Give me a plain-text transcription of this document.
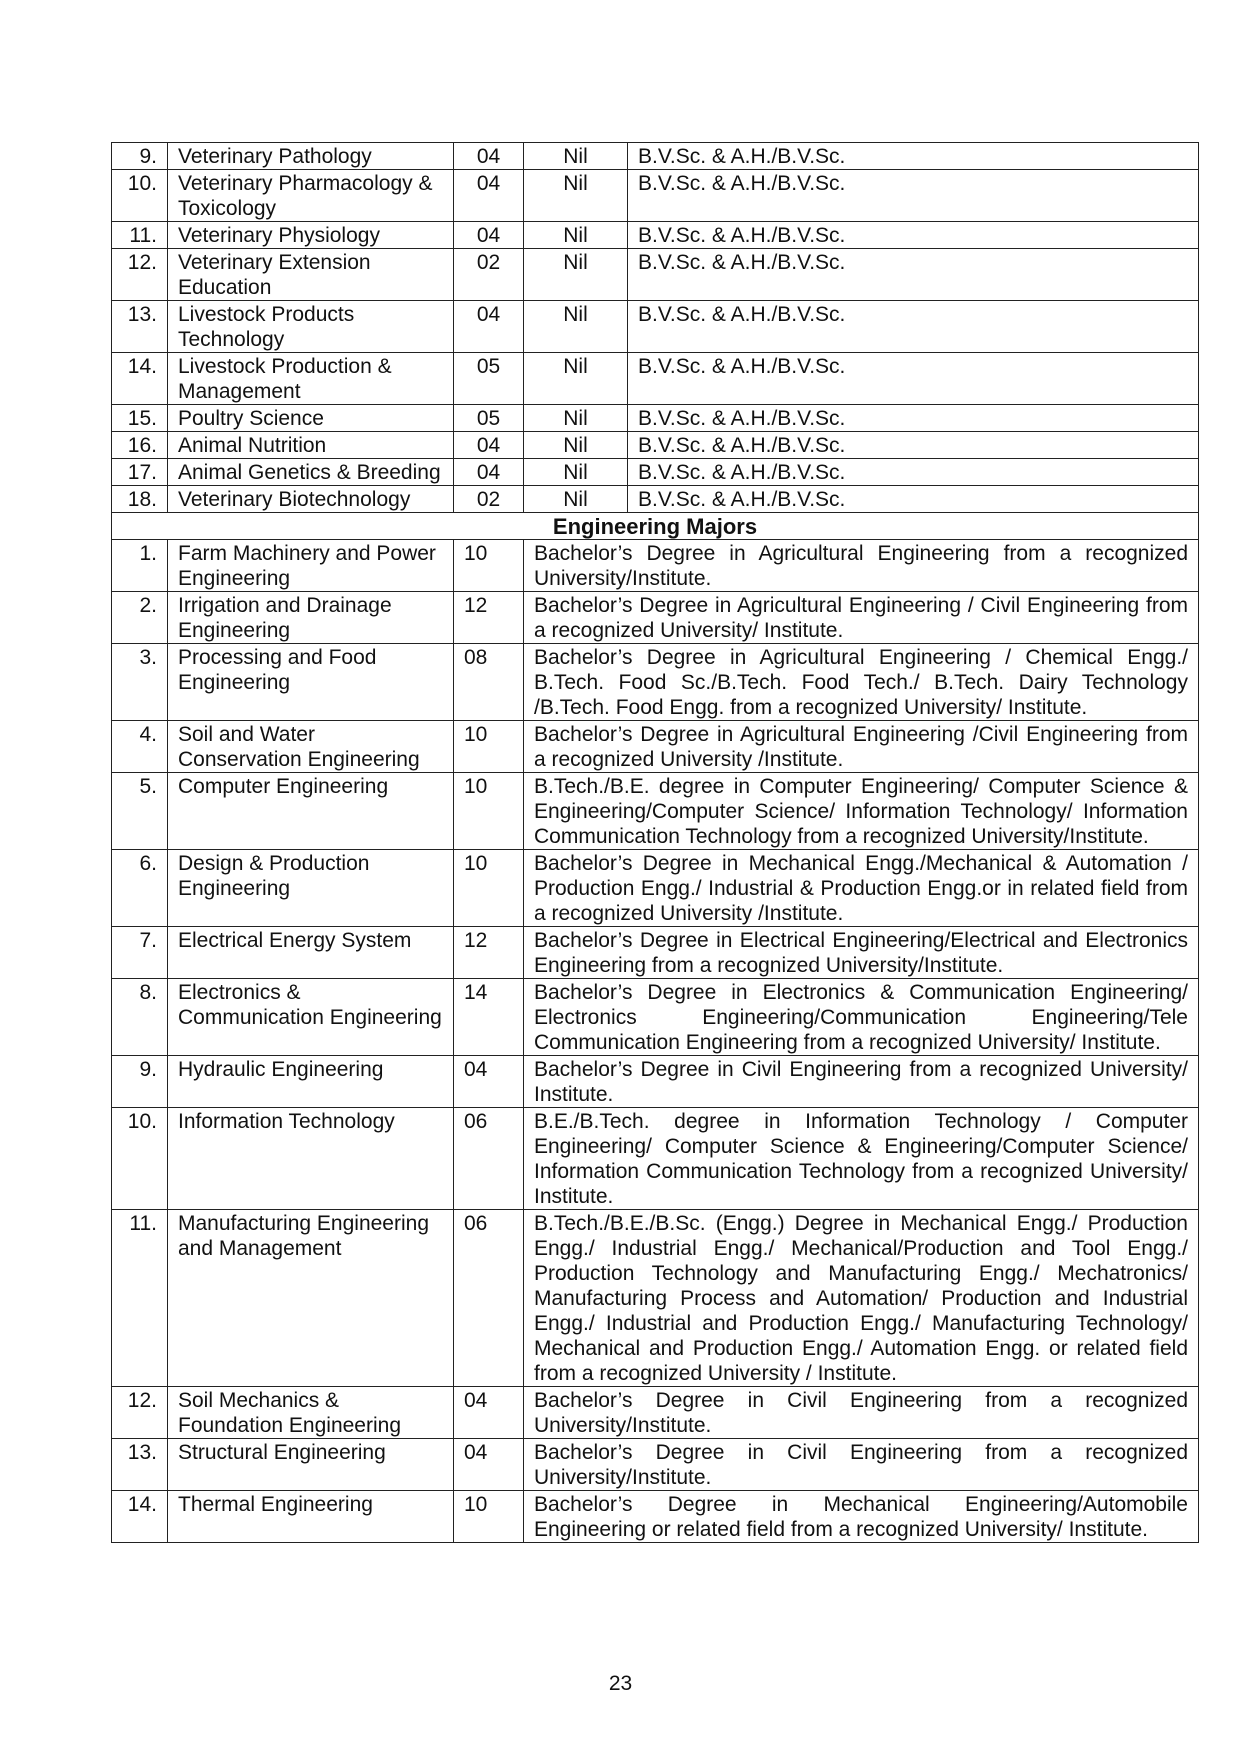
9.	Veterinary Pathology	04	Nil	B.V.Sc. & A.H./B.V.Sc.
10.	Veterinary Pharmacology & Toxicology	04	Nil	B.V.Sc. & A.H./B.V.Sc.
11.	Veterinary Physiology	04	Nil	B.V.Sc. & A.H./B.V.Sc.
12.	Veterinary Extension Education	02	Nil	B.V.Sc. & A.H./B.V.Sc.
13.	Livestock Products Technology	04	Nil	B.V.Sc. & A.H./B.V.Sc.
14.	Livestock Production & Management	05	Nil	B.V.Sc. & A.H./B.V.Sc.
15.	Poultry Science	05	Nil	B.V.Sc. & A.H./B.V.Sc.
16.	Animal Nutrition	04	Nil	B.V.Sc. & A.H./B.V.Sc.
17.	Animal Genetics & Breeding	04	Nil	B.V.Sc. & A.H./B.V.Sc.
18.	Veterinary Biotechnology	02	Nil	B.V.Sc. & A.H./B.V.Sc.
Engineering Majors				
1.	Farm Machinery and Power Engineering	10	Bachelor’s Degree in Agricultural Engineering from a recognized University/Institute.	
2.	Irrigation and Drainage Engineering	12	Bachelor’s Degree in Agricultural Engineering / Civil Engineering from a recognized University/ Institute.	
3.	Processing and Food Engineering	08	Bachelor’s Degree in Agricultural Engineering / Chemical Engg./ B.Tech. Food Sc./B.Tech. Food Tech./ B.Tech. Dairy Technology /B.Tech. Food Engg. from a recognized University/ Institute.	
4.	Soil and Water Conservation Engineering	10	Bachelor’s Degree in Agricultural Engineering /Civil Engineering from a recognized University /Institute.	
5.	Computer Engineering	10	B.Tech./B.E. degree in Computer Engineering/ Computer Science & Engineering/Computer Science/ Information Technology/ Information Communication Technology from a recognized University/Institute.	
6.	Design & Production Engineering	10	Bachelor’s Degree in Mechanical Engg./Mechanical & Automation / Production Engg./ Industrial & Production Engg.or in related field from a recognized University /Institute.	
7.	Electrical Energy System	12	Bachelor’s Degree in Electrical Engineering/Electrical and Electronics Engineering from a recognized University/Institute.	
8.	Electronics & Communication Engineering	14	Bachelor’s Degree in Electronics & Communication Engineering/ Electronics Engineering/Communication Engineering/Tele Communication Engineering from a recognized University/ Institute.	
9.	Hydraulic Engineering	04	Bachelor’s Degree in Civil Engineering from a recognized University/ Institute.	
10.	Information Technology	06	B.E./B.Tech. degree in Information Technology / Computer Engineering/ Computer Science & Engineering/Computer Science/ Information Communication Technology from a recognized University/ Institute.	
11.	Manufacturing Engineering and Management	06	B.Tech./B.E./B.Sc. (Engg.) Degree in Mechanical Engg./ Production Engg./ Industrial Engg./ Mechanical/Production and Tool Engg./ Production Technology and Manufacturing Engg./ Mechatronics/ Manufacturing Process and Automation/ Production and Industrial Engg./ Industrial and Production Engg./ Manufacturing Technology/ Mechanical and Production Engg./ Automation Engg. or related field from a recognized University / Institute.	
12.	Soil Mechanics & Foundation Engineering	04	Bachelor’s Degree in Civil Engineering from a recognized University/Institute.	
13.	Structural Engineering	04	Bachelor’s Degree in Civil Engineering from a recognized University/Institute.	
14.	Thermal Engineering	10	Bachelor’s Degree in Mechanical Engineering/Automobile Engineering or related field from a recognized University/ Institute.	
23
